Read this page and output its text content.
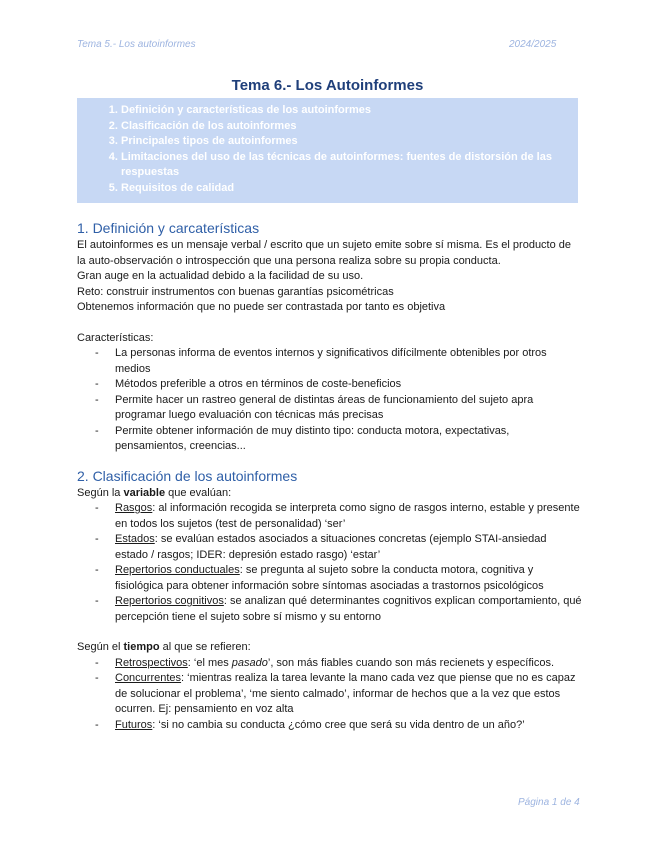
Tema 5.- Los autoinformes	2024/2025
Tema 6.- Los Autoinformes
1. Definición y características de los autoinformes
2. Clasificación de los autoinformes
3. Principales tipos de autoinformes
4. Limitaciones del uso de las técnicas de autoinformes: fuentes de distorsión de las respuestas
5. Requisitos de calidad
1. Definición y carcaterísticas

El autoinformes es un mensaje verbal / escrito que un sujeto emite sobre sí misma. Es el producto de la auto-observación o introspección que una persona realiza sobre su propia conducta.

Gran auge en la actualidad debido a la facilidad de su uso.

Reto: construir instrumentos con buenas garantías psicométricas

Obtenemos información que no puede ser contrastada por tanto es objetiva

Características:

- La personas informa de eventos internos y significativos difícilmente obtenibles por otros medios
- Métodos preferible a otros en términos de coste-beneficios
- Permite hacer un rastreo general de distintas áreas de funcionamiento del sujeto apra programar luego evaluación con técnicas más precisas
- Permite obtener información de muy distinto tipo: conducta motora, expectativas, pensamientos, creencias...
2. Clasificación de los autoinformes

Según la variable que evalúan:

- Rasgos: al información recogida se interpreta como signo de rasgos interno, estable y presente en todos los sujetos (test de personalidad) ‘ser’
- Estados: se evalúan estados asociados a situaciones concretas (ejemplo STAI-ansiedad estado / rasgos; IDER: depresión estado rasgo) ‘estar’
- Repertorios conductuales: se pregunta al sujeto sobre la conducta motora, cognitiva y fisiológica para obtener información sobre síntomas asociadas a trastornos psicológicos
- Repertorios cognitivos: se analizan qué determinantes cognitivos explican comportamiento, qué percepción tiene el sujeto sobre sí mismo y su entorno

Según el tiempo al que se refieren:

- Retrospectivos: ‘el mes pasado’, son más fiables cuando son más recienets y específicos.
- Concurrentes: ‘mientras realiza la tarea levante la mano cada vez que piense que no es capaz de solucionar el problema’, ‘me siento calmado’, informar de hechos que a la vez que estos ocurren. Ej: pensamiento en voz alta
- Futuros: ‘si no cambia su conducta ¿cómo cree que será su vida dentro de un año?’
Página 1 de 4
